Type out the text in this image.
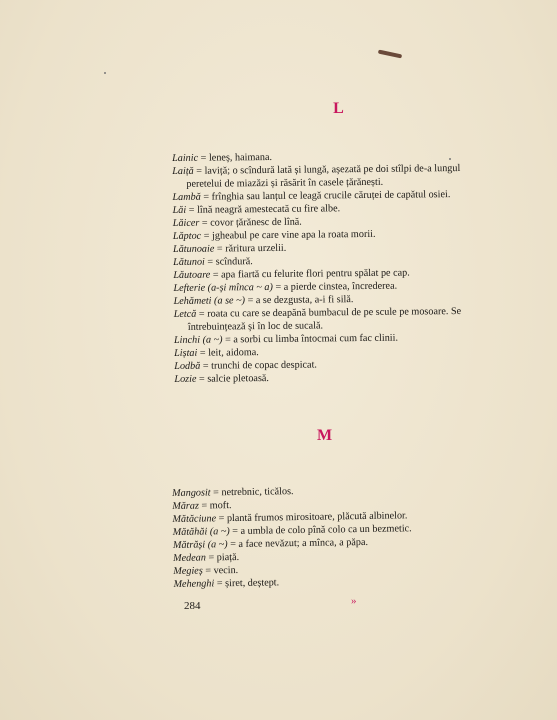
L
Lainic = leneș, haimana.
Laiță = laviță; o scîndură lată și lungă, așezată pe doi stîlpi de-a lungul
peretelui de miazăzi și răsărit în casele țărănești.
Lambă = frînghia sau lanțul ce leagă crucile căruței de capătul osiei.
Lăi = lînă neagră amestecată cu fire albe.
Lăicer = covor țărănesc de lînă.
Lăptoc = jgheabul pe care vine apa la roata morii.
Lătunoaie = răritura urzelii.
Lătunoi = scîndură.
Lăutoare = apa fiartă cu felurite flori pentru spălat pe cap.
Lefterie (a-și mînca ~ a) = a pierde cinstea, încrederea.
Lehămeti (a se ~) = a se dezgusta, a-i fi silă.
Letcă = roata cu care se deapănă bumbacul de pe scule pe mosoare. Se
întrebuințează și în loc de sucală.
Linchi (a ~) = a sorbi cu limba întocmai cum fac clinii.
Liștai = leit, aidoma.
Lodbă = trunchi de copac despicat.
Lozie = salcie pletoasă.
M
Mangosit = netrebnic, ticălos.
Măraz = moft.
Mătăciune = plantă frumos mirositoare, plăcută albinelor.
Mătăhăi (a ~) = a umbla de colo pînă colo ca un bezmetic.
Mătrăși (a ~) = a face nevăzut; a mînca, a păpa.
Medean = piață.
Megieș = vecin.
Mehenghi = șiret, deștept.
284	»
